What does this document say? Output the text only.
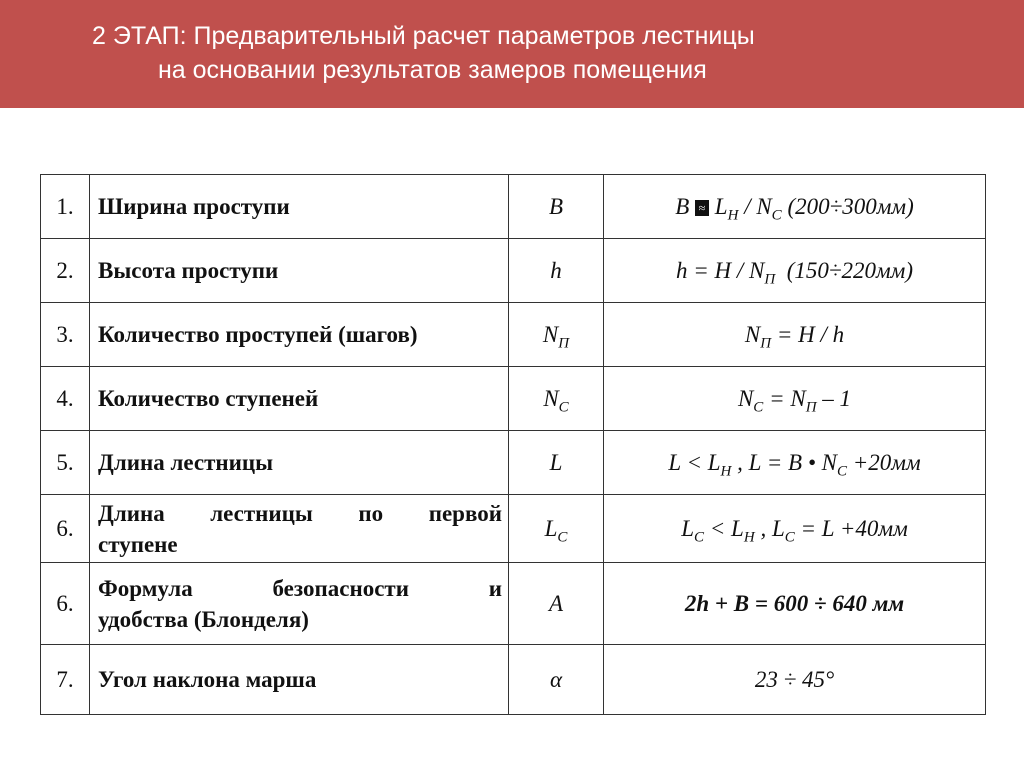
2 ЭТАП: Предварительный расчет параметров лестницы
на основании результатов замеров помещения
1.	Ширина проступи	B	$B \approx L_H / N_C$ (200÷300мм)
2.	Высота проступи	h	$h = H / N_П$  (150÷220мм)
3.	Количество проступей (шагов)	$N_П$	$N_П = H / h$
4.	Количество ступеней	$N_C$	$N_C = N_П - 1$
5.	Длина лестницы	L	$L < L_H$ , L = B • $N_C +20мм$
6.	Длина лестницы по первой
ступене	$L_C$	$L_C < L_H$ , $L_C = L +40мм$
6.	Формула безопасности и
удобства (Блонделя)	A	2h + B = 600 ÷ 640 мм
7.	Угол наклона марша	α	23 ÷ 45°
